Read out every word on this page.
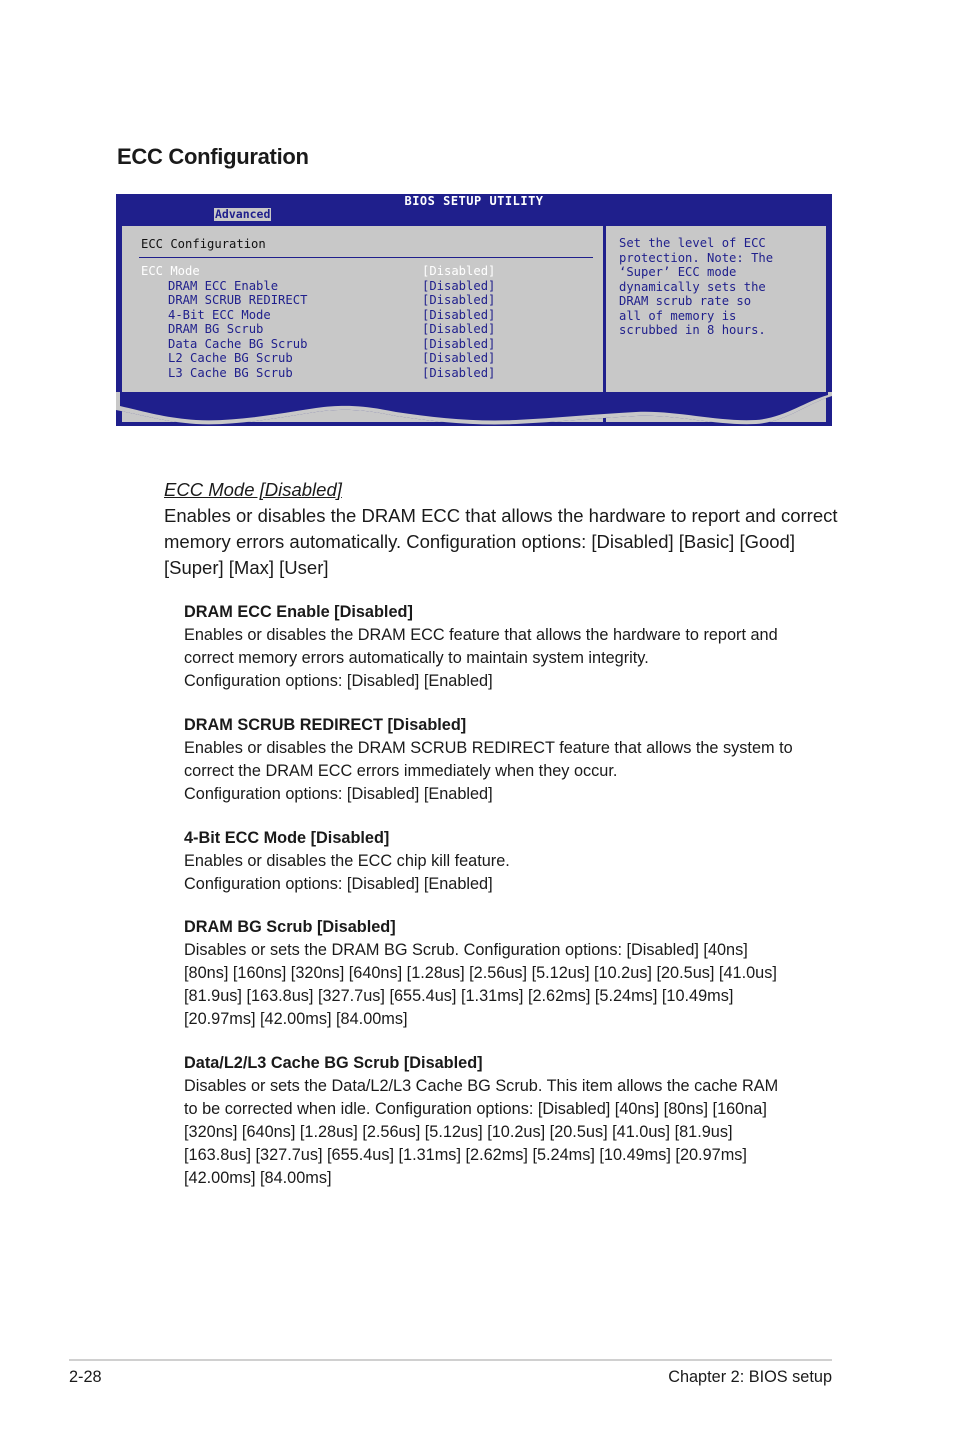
ECC Configuration
BIOS SETUP UTILITY
Advanced
ECC Configuration
ECC Mode	[Disabled]
DRAM ECC Enable	[Disabled]
DRAM SCRUB REDIRECT	[Disabled]
4-Bit ECC Mode	[Disabled]
DRAM BG Scrub	[Disabled]
Data Cache BG Scrub	[Disabled]
L2 Cache BG Scrub	[Disabled]
L3 Cache BG Scrub	[Disabled]
Set the level of ECC
protection. Note: The
‘Super’ ECC mode
dynamically sets the
DRAM scrub rate so
all of memory is
scrubbed in 8 hours.
ECC Mode [Disabled]

Enables or disables the DRAM ECC that allows the hardware to report and correct memory errors automatically. Configuration options: [Disabled] [Basic] [Good] [Super] [Max] [User]

DRAM ECC Enable [Disabled]

Enables or disables the DRAM ECC feature that allows the hardware to report and

correct memory errors automatically to maintain system integrity.

Configuration options: [Disabled] [Enabled]

DRAM SCRUB REDIRECT [Disabled]

Enables or disables the DRAM SCRUB REDIRECT feature that allows the system to

correct the DRAM ECC errors immediately when they occur.

Configuration options: [Disabled] [Enabled]

4-Bit ECC Mode [Disabled]

Enables or disables the ECC chip kill feature.

Configuration options: [Disabled] [Enabled]

DRAM BG Scrub [Disabled]

Disables or sets the DRAM BG Scrub. Configuration options: [Disabled] [40ns]

[80ns] [160ns] [320ns] [640ns] [1.28us] [2.56us] [5.12us] [10.2us] [20.5us] [41.0us]

[81.9us] [163.8us] [327.7us] [655.4us] [1.31ms] [2.62ms] [5.24ms] [10.49ms]

[20.97ms] [42.00ms] [84.00ms]

Data/L2/L3 Cache BG Scrub [Disabled]

Disables or sets the Data/L2/L3 Cache BG Scrub. This item allows the cache RAM

to be corrected when idle. Configuration options: [Disabled] [40ns] [80ns] [160na]

[320ns] [640ns] [1.28us] [2.56us] [5.12us] [10.2us] [20.5us] [41.0us] [81.9us]

[163.8us] [327.7us] [655.4us] [1.31ms] [2.62ms] [5.24ms] [10.49ms] [20.97ms]

[42.00ms] [84.00ms]

2-28	Chapter 2: BIOS setup
